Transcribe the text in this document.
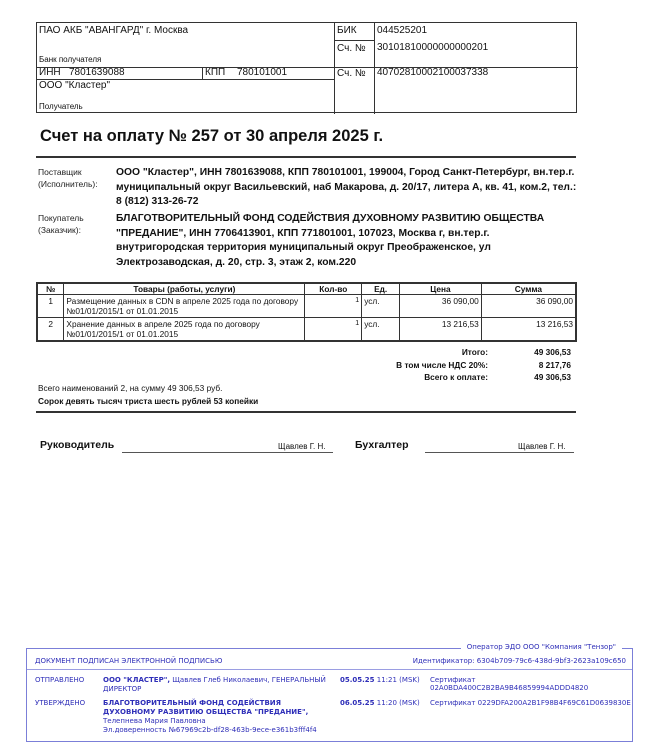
ПАО АКБ "АВАНГАРД" г. Москва
Банк получателя
ИНН 7801639088	КПП 780101001
ООО "Кластер"
Получатель
БИК 044525201
Сч. № 30101810000000000201
Сч. № 40702810002100037338
Счет на оплату № 257 от 30 апреля 2025 г.
Поставщик
(Исполнитель):
ООО "Кластер", ИНН 7801639088, КПП 780101001, 199004, Город Санкт-Петербург, вн.тер.г. муниципальный округ Васильевский, наб Макарова, д. 20/17, литера А, кв. 41, ком.2, тел.: 8 (812) 313-26-72
Покупатель
(Заказчик):
БЛАГОТВОРИТЕЛЬНЫЙ ФОНД СОДЕЙСТВИЯ ДУХОВНОМУ РАЗВИТИЮ ОБЩЕСТВА "ПРЕДАНИЕ", ИНН 7706413901, КПП 771801001, 107023, Москва г, вн.тер.г. внутригородская территория муниципальный округ Преображенское, ул Электрозаводская, д. 20, стр. 3, этаж 2, ком.220
№	Товары (работы, услуги)	Кол-во	Ед.	Цена	Сумма
1	Размещение данных в CDN в апреле 2025 года по договору №01/01/2015/1 от 01.01.2015	1	усл.	36 090,00	36 090,00
2	Хранение данных в апреле 2025 года по договору №01/01/2015/1 от 01.01.2015	1	усл.	13 216,53	13 216,53
Итого:	49 306,53
В том числе НДС 20%:	8 217,76
Всего к оплате:	49 306,53
Всего наименований 2, на сумму 49 306,53 руб.
Сорок девять тысяч триста шесть рублей 53 копейки
Руководитель	Щавлев Г. Н.	Бухгалтер	Щавлев Г. Н.
Оператор ЭДО ООО "Компания "Тензор"
ДОКУМЕНТ ПОДПИСАН ЭЛЕКТРОННОЙ ПОДПИСЬЮ	Идентификатор: 6304b709-79c6-438d-9bf3-2623a109c650
ОТПРАВЛЕНО	ООО "КЛАСТЕР", Щавлев Глеб Николаевич, ГЕНЕРАЛЬНЫЙ ДИРЕКТОР
05.05.25 11:21 (MSK) Сертификат 02A0BDA400C2B2BA9B46859994ADDD4820
УТВЕРЖДЕНО	БЛАГОТВОРИТЕЛЬНЫЙ ФОНД СОДЕЙСТВИЯ ДУХОВНОМУ РАЗВИТИЮ ОБЩЕСТВА "ПРЕДАНИЕ",
Телепнева Мария Павловна
Эл.доверенность №67969c2b-df28-463b-9ece-e361b3fff4f4
06.05.25 11:20 (MSK) Сертификат 0229DFA200A2B1F98B4F69C61D0639830E
